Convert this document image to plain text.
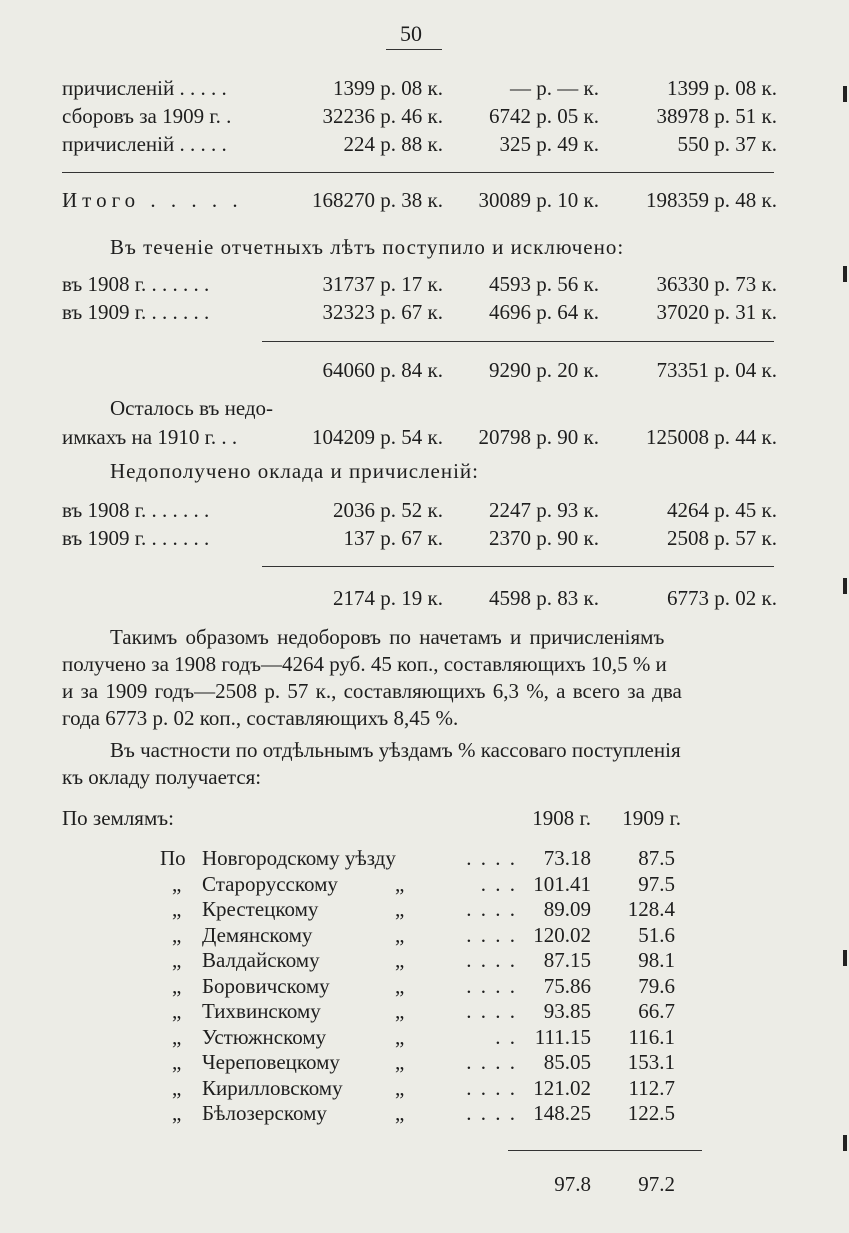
50
причисленій . . . . .	1399 р. 08 к.	— р. — к.	1399 р. 08 к.
сборовъ за 1909 г. .	32236 р. 46 к. 6742 р. 05 к.	38978 р. 51 к.
причисленій . . . . .	224 р. 88 к.	325 р. 49 к.	550 р. 37 к.
Итого . . . . .	168270 р. 38 к. 30089 р. 10 к. 198359 р. 48 к.
Въ теченіе отчетныхъ лѣтъ поступило и исключено:
въ 1908 г. . . . . . .	31737 р. 17 к. 4593 р. 56 к.	36330 р. 73 к.
въ 1909 г. . . . . . .	32323 р. 67 к. 4696 р. 64 к.	37020 р. 31 к.
64060 р. 84 к. 9290 р. 20 к.	73351 р. 04 к.
Осталось въ недо-
имкахъ на 1910 г. . .	104209 р. 54 к. 20798 р. 90 к. 125008 р. 44 к.
Недополучено оклада и причисленій:
въ 1908 г. . . . . . .	2036 р. 52 к. 2247 р. 93 к.	4264 р. 45 к.
въ 1909 г. . . . . . .	137 р. 67 к. 2370 р. 90 к.	2508 р. 57 к.
2174 р. 19 к. 4598 р. 83 к.	6773 р. 02 к.
Такимъ образомъ недоборовъ по начетамъ и причисленіямъ
получено за 1908 годъ—4264 руб. 45 коп., составляющихъ 10,5 % и
и за 1909 годъ—2508 р. 57 к., составляющихъ 6,3 %, а всего за два
года 6773 р. 02 коп., составляющихъ 8,45 %.
Въ частности по отдѣльнымъ уѣздамъ % кассоваго поступленія
къ окладу получается:
По землямъ:	1908 г. 1909 г.
По Новгородскому уѣзду	. . . . 73.18 87.5
„ Старорусскому	„	. . . 101.41 97.5
„ Крестецкому	„	. . . . 89.09 128.4
„ Демянскому	„	. . . . 120.02 51.6
„ Валдайскому	„	. . . . 87.15 98.1
„ Боровичскому	„	. . . . 75.86 79.6
„ Тихвинскому	„	. . . . 93.85 66.7
„ Устюжнскому	„	. . 111.15 116.1
„ Череповецкому	„	. . . . 85.05 153.1
„ Кирилловскому „	. . . . 121.02 112.7
„ Бѣлозерскому	„	. . . . 148.25 122.5
97.8 97.2
